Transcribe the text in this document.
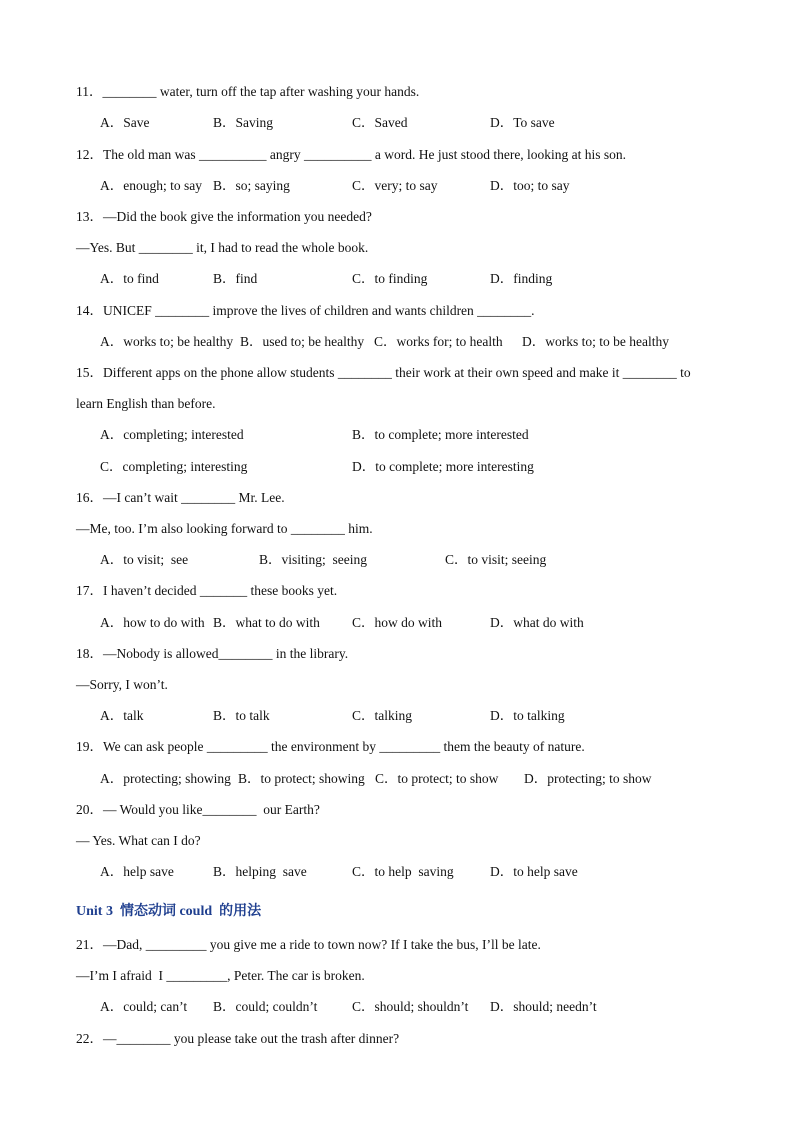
11．________ water, turn off the tap after washing your hands.
A．Save	B．Saving	C．Saved	D．To save
12．The old man was __________ angry __________ a word. He just stood there, looking at his son.
A．enough; to say B．so; saying	C．very; to say	D．too; to say
13．—Did the book give the information you needed?
—Yes. But ________ it, I had to read the whole book.
A．to find	B．find	C．to finding	D．finding
14．UNICEF ________ improve the lives of children and wants children ________.
A．works to; be healthy B．used to; be healthy C．works for; to health D．works to; to be healthy
15．Different apps on the phone allow students ________ their work at their own speed and make it ________ to
learn English than before.
A．completing; interested	B．to complete; more interested
C．completing; interesting	D．to complete; more interesting
16．—I can’t wait ________ Mr. Lee.
—Me, too. I’m also looking forward to ________ him.
A．to visit;  see	B．visiting;  seeing	C．to visit; seeing
17．I haven’t decided _______ these books yet.
A．how to do with B．what to do with C．how do with	D．what do with
18．—Nobody is allowed________ in the library.
—Sorry, I won’t.
A．talk	B．to talk	C．talking	D．to talking
19．We can ask people _________ the environment by _________ them the beauty of nature.
A．protecting; showing B．to protect; showing C．to protect; to show D．protecting; to show
20．— Would you like________  our Earth?
— Yes. What can I do?
A．help save	B．helping  save	C．to help  saving	D．to help save
Unit 3  情态动词 could  的用法
21．—Dad, _________ you give me a ride to town now? If I take the bus, I’ll be late.
—I’m I afraid  I _________, Peter. The car is broken.
A．could; can’t B．could; couldn’t	C．should; shouldn’t D．should; needn’t
22．—________ you please take out the trash after dinner?
